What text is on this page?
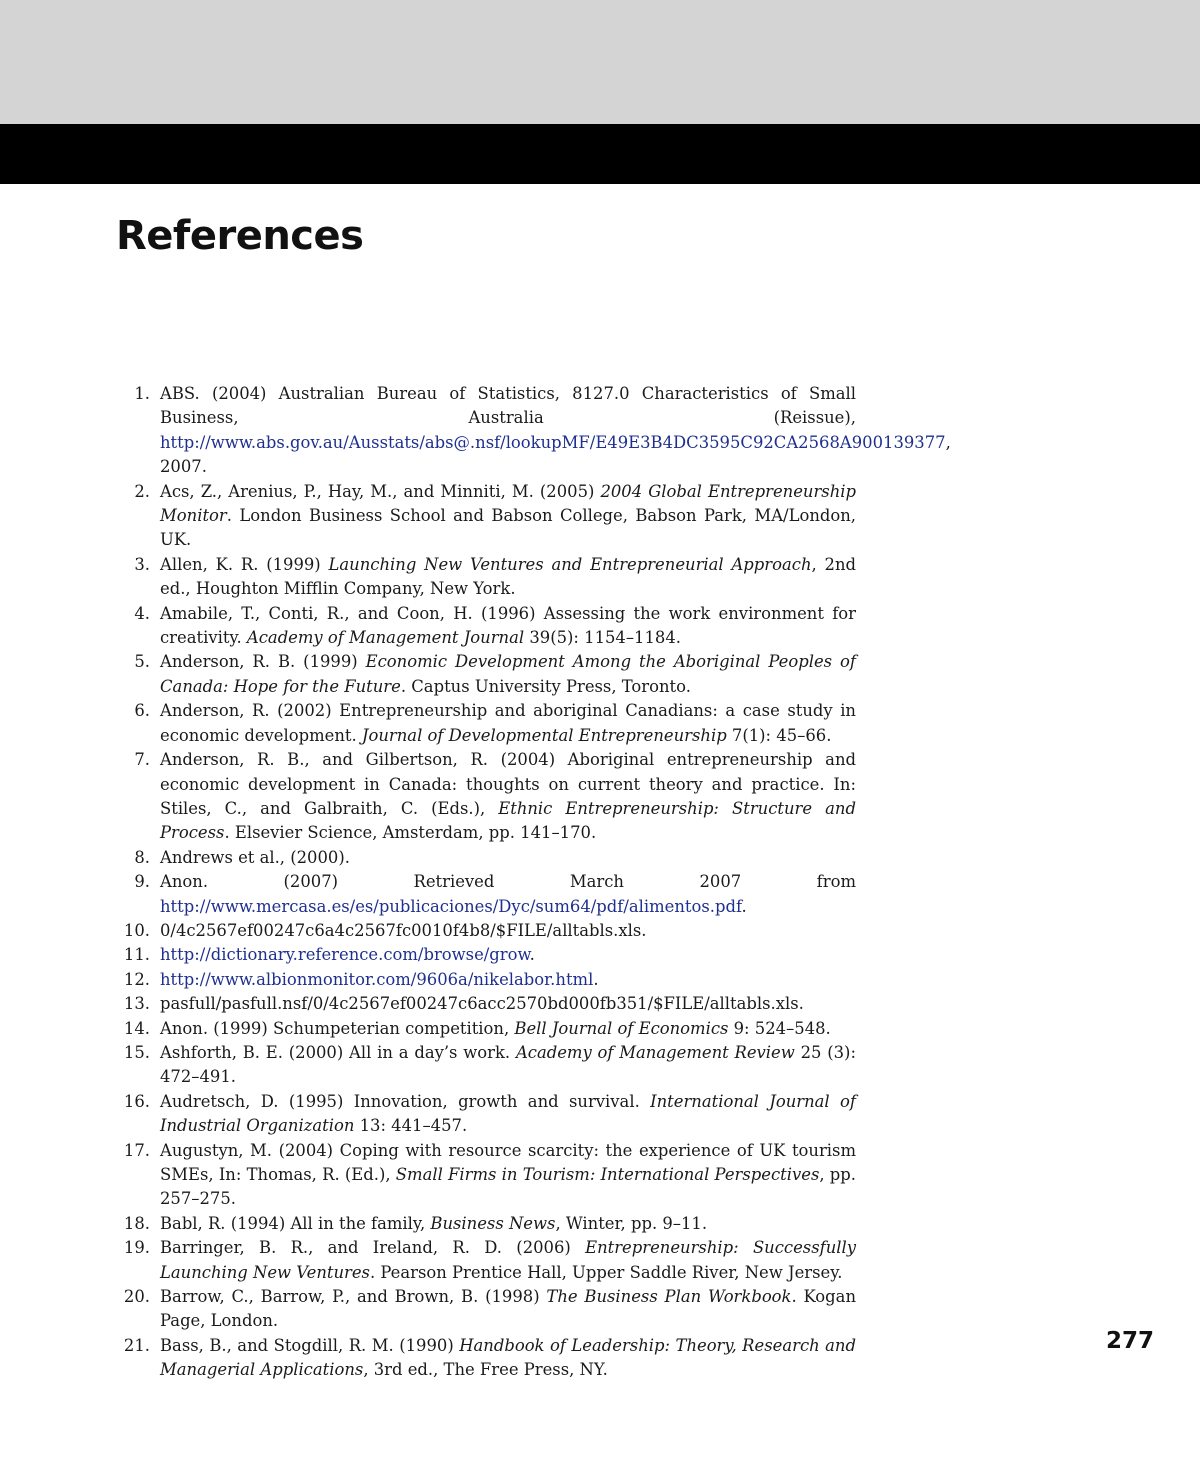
References
1. ABS. (2004) Australian Bureau of Statistics, 8127.0 Characteristics of Small Business, Australia (Reissue), http://www.abs.gov.au/Ausstats/abs@.nsf/lookupMF/E49E3B4DC3595C92CA2568A900139377, 2007.
2. Acs, Z., Arenius, P., Hay, M., and Minniti, M. (2005) 2004 Global Entrepreneurship Monitor. London Business School and Babson College, Babson Park, MA/London, UK.
3. Allen, K. R. (1999) Launching New Ventures and Entrepreneurial Approach, 2nd ed., Houghton Mifflin Company, New York.
4. Amabile, T., Conti, R., and Coon, H. (1996) Assessing the work environment for creativity. Academy of Management Journal 39(5): 1154–1184.
5. Anderson, R. B. (1999) Economic Development Among the Aboriginal Peoples of Canada: Hope for the Future. Captus University Press, Toronto.
6. Anderson, R. (2002) Entrepreneurship and aboriginal Canadians: a case study in economic development. Journal of Developmental Entrepreneurship 7(1): 45–66.
7. Anderson, R. B., and Gilbertson, R. (2004) Aboriginal entrepreneurship and economic development in Canada: thoughts on current theory and practice. In: Stiles, C., and Galbraith, C. (Eds.), Ethnic Entrepreneurship: Structure and Process. Elsevier Science, Amsterdam, pp. 141–170.
8. Andrews et al., (2000).
9. Anon. (2007) Retrieved March 2007 from http://www.mercasa.es/es/publicaciones/Dyc/sum64/pdf/alimentos.pdf.
10. 0/4c2567ef00247c6a4c2567fc0010f4b8/$FILE/alltabls.xls.
11. http://dictionary.reference.com/browse/grow.
12. http://www.albionmonitor.com/9606a/nikelabor.html.
13. pasfull/pasfull.nsf/0/4c2567ef00247c6acc2570bd000fb351/$FILE/alltabls.xls.
14. Anon. (1999) Schumpeterian competition, Bell Journal of Economics 9: 524–548.
15. Ashforth, B. E. (2000) All in a day’s work. Academy of Management Review 25 (3): 472–491.
16. Audretsch, D. (1995) Innovation, growth and survival. International Journal of Industrial Organization 13: 441–457.
17. Augustyn, M. (2004) Coping with resource scarcity: the experience of UK tourism SMEs, In: Thomas, R. (Ed.), Small Firms in Tourism: International Perspectives, pp. 257–275.
18. Babl, R. (1994) All in the family, Business News, Winter, pp. 9–11.
19. Barringer, B. R., and Ireland, R. D. (2006) Entrepreneurship: Successfully Launching New Ventures. Pearson Prentice Hall, Upper Saddle River, New Jersey.
20. Barrow, C., Barrow, P., and Brown, B. (1998) The Business Plan Workbook. Kogan Page, London.
21. Bass, B., and Stogdill, R. M. (1990) Handbook of Leadership: Theory, Research and Managerial Applications, 3rd ed., The Free Press, NY.
277
